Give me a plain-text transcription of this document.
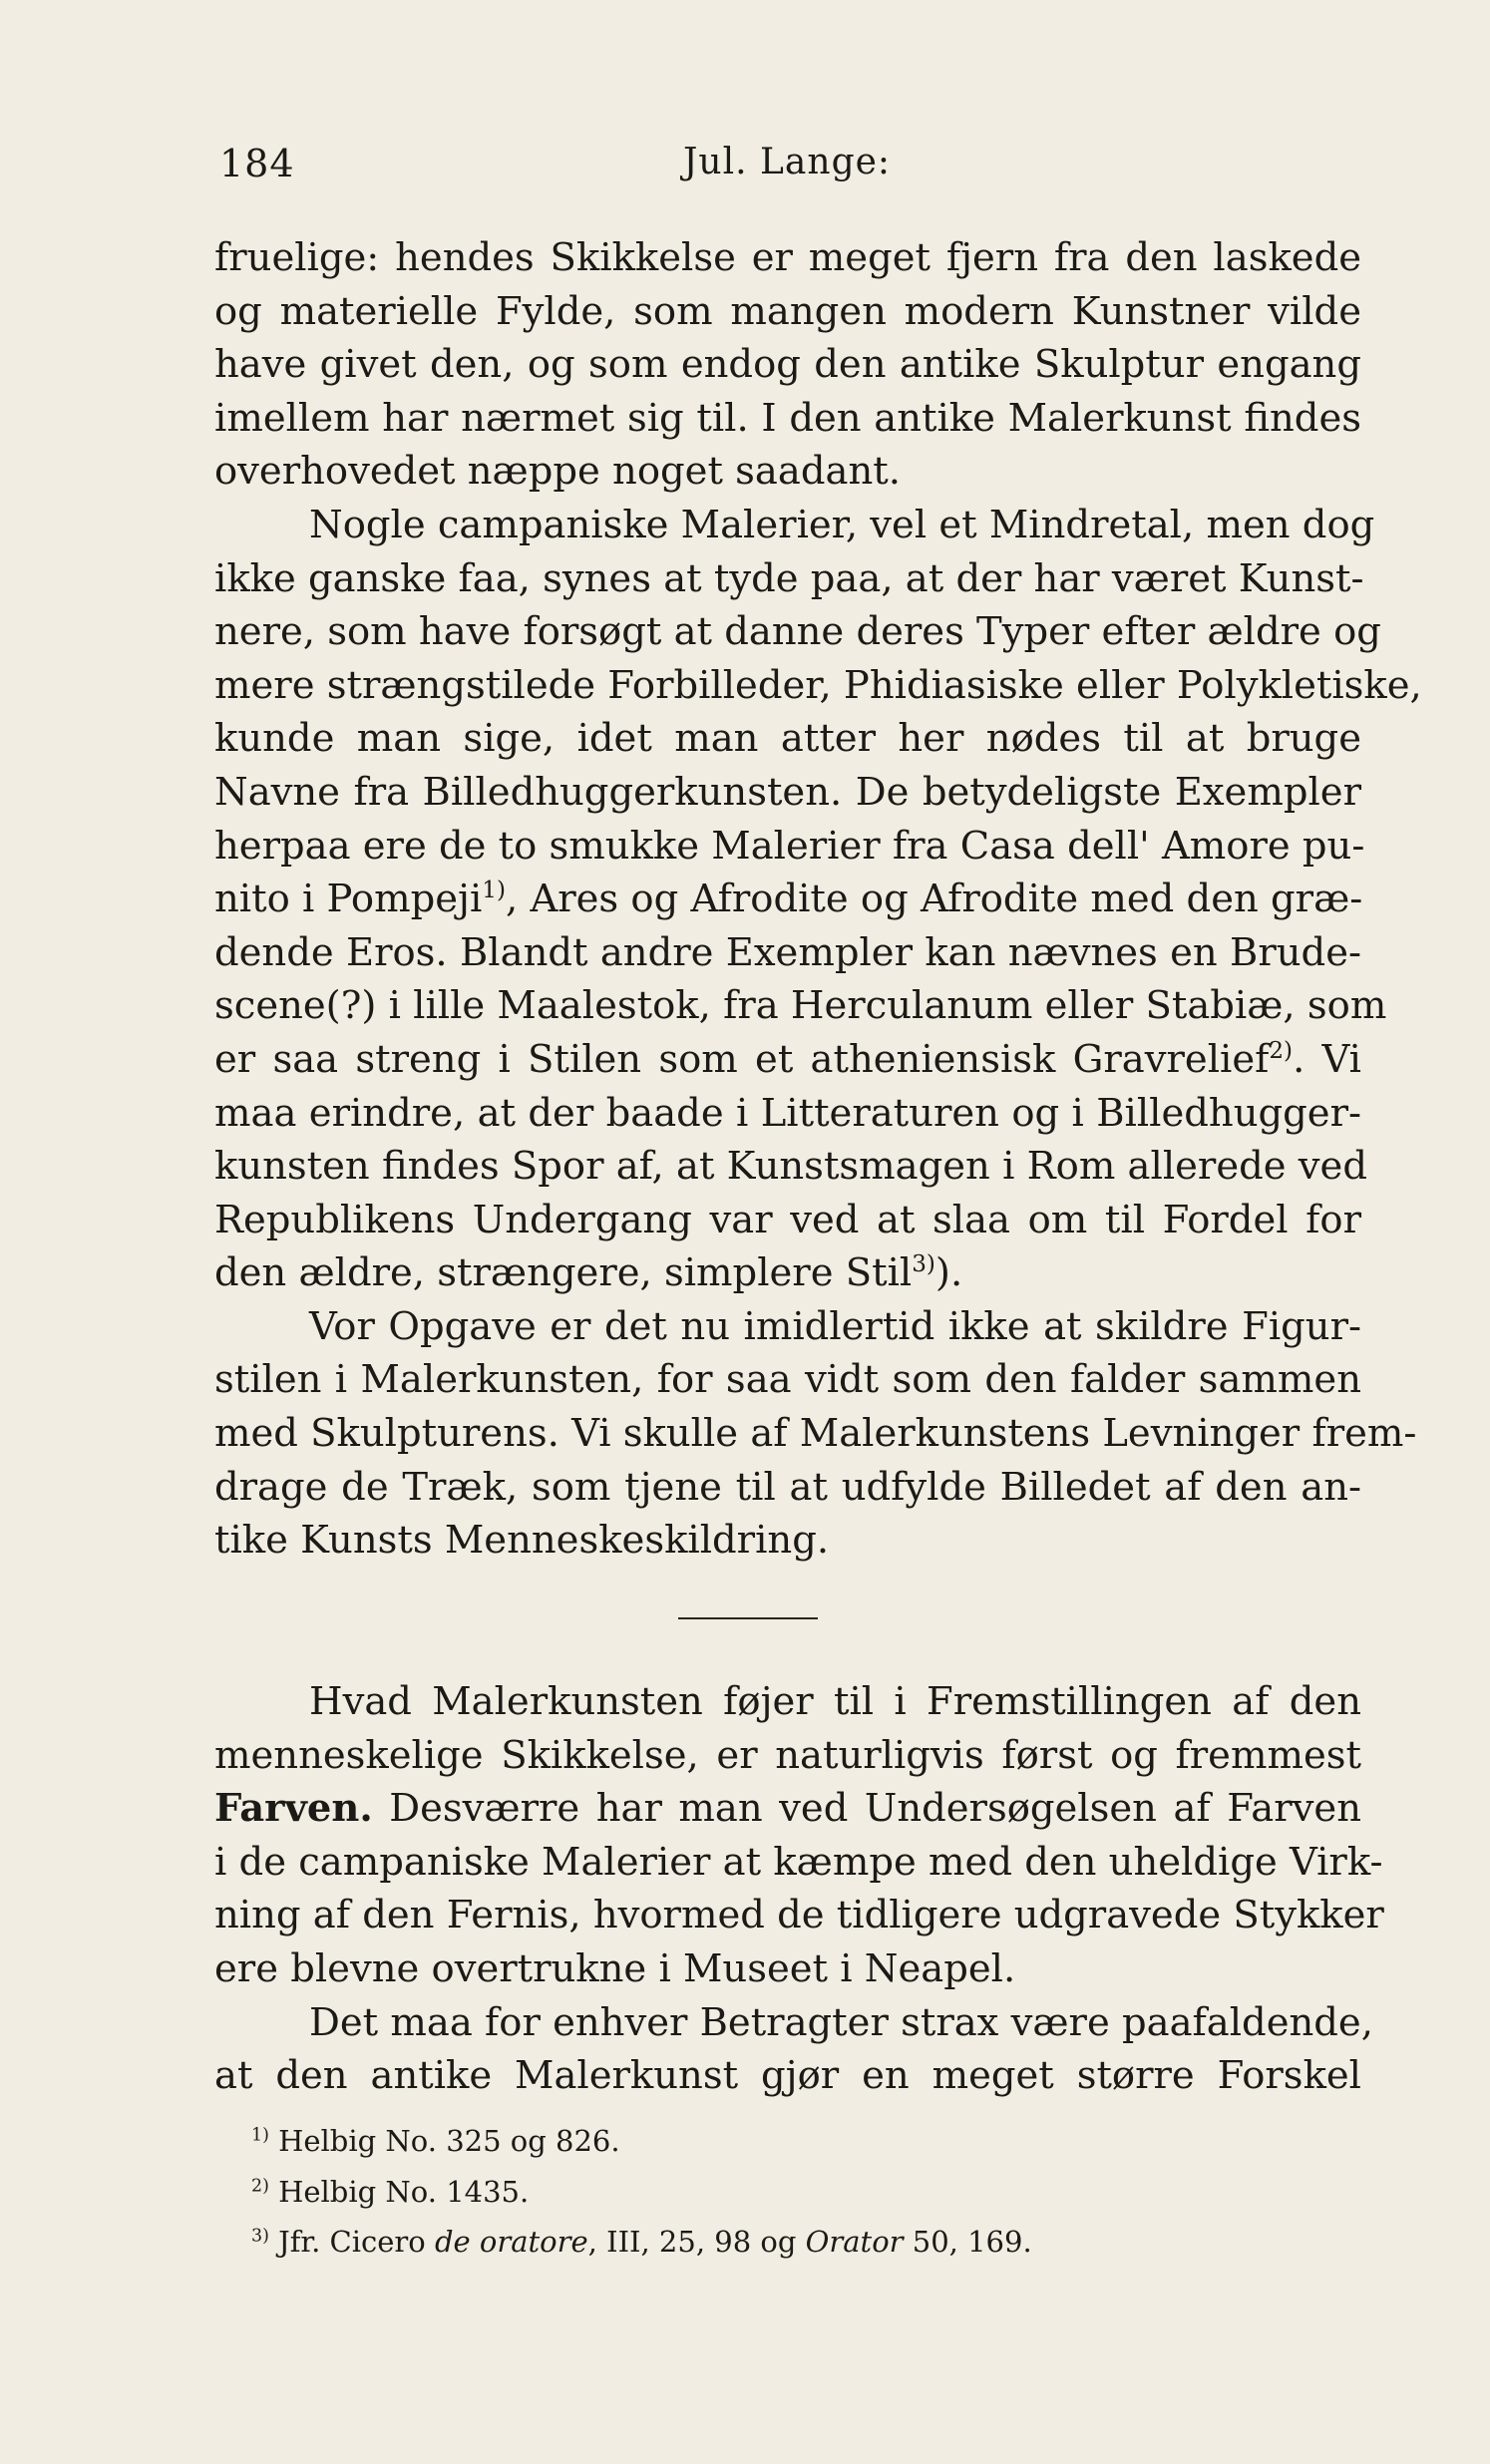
184	Jul. Lange:
fruelige: hendes Skikkelse er meget fjern fra den laskede
og materielle Fylde, som mangen modern Kunstner vilde
have givet den, og som endog den antike Skulptur engang
imellem har nærmet sig til. I den antike Malerkunst findes
overhovedet næppe noget saadant.
Nogle campaniske Malerier, vel et Mindretal, men dog
ikke ganske faa, synes at tyde paa, at der har været Kunst-
nere, som have forsøgt at danne deres Typer efter ældre og
mere strængstilede Forbilleder, Phidiasiske eller Polykletiske,
kunde man sige, idet man atter her nødes til at bruge
Navne fra Billedhuggerkunsten. De betydeligste Exempler
herpaa ere de to smukke Malerier fra Casa dell' Amore pu-
nito i Pompeji$^{1)}$, Ares og Afrodite og Afrodite med den græ-
dende Eros. Blandt andre Exempler kan nævnes en Brude-
scene(?) i lille Maalestok, fra Herculanum eller Stabiæ, som
er saa streng i Stilen som et atheniensisk Gravrelief$^{2)}$. Vi
maa erindre, at der baade i Litteraturen og i Billedhugger-
kunsten findes Spor af, at Kunstsmagen i Rom allerede ved
Republikens Undergang var ved at slaa om til Fordel for
den ældre, strængere, simplere Stil$^{3)}$).
Vor Opgave er det nu imidlertid ikke at skildre Figur-
stilen i Malerkunsten, for saa vidt som den falder sammen
med Skulpturens. Vi skulle af Malerkunstens Levninger frem-
drage de Træk, som tjene til at udfylde Billedet af den an-
tike Kunsts Menneskeskildring.
Hvad Malerkunsten føjer til i Fremstillingen af den
menneskelige Skikkelse, er naturligvis først og fremmest
Farven. Desværre har man ved Undersøgelsen af Farven
i de campaniske Malerier at kæmpe med den uheldige Virk-
ning af den Fernis, hvormed de tidligere udgravede Stykker
ere blevne overtrukne i Museet i Neapel.
Det maa for enhver Betragter strax være paafaldende,
at den antike Malerkunst gjør en meget større Forskel
$^{1)}$ Helbig No. 325 og 826.
$^{2)}$ Helbig No. 1435.
$^{3)}$ Jfr. Cicero de oratore, III, 25, 98 og Orator 50, 169.
